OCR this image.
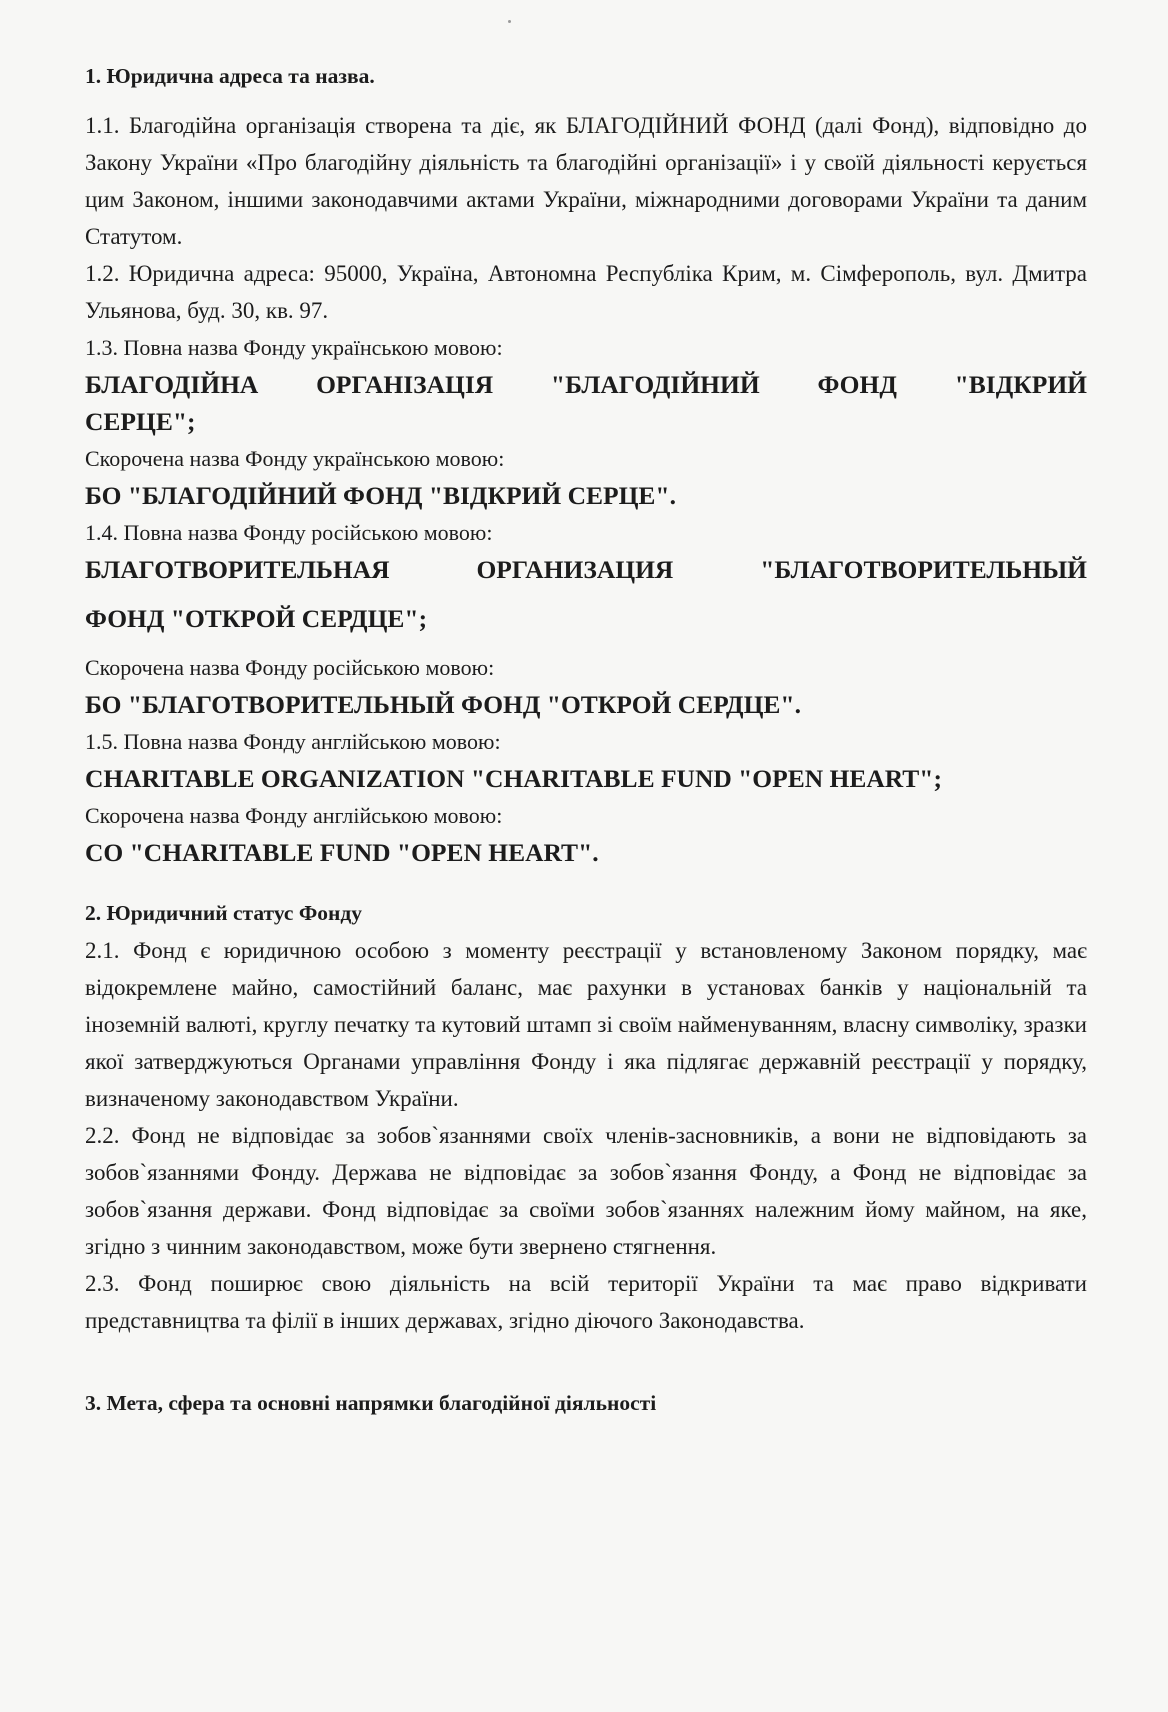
1. Юридична адреса та назва.

1.1. Благодійна організація створена та діє, як БЛАГОДІЙНИЙ ФОНД (далі Фонд), відповідно до Закону України «Про благодійну діяльність та благодійні організації» і у своїй діяльності керується цим Законом, іншими законодавчими актами України, міжнародними договорами України та даним Статутом.

1.2. Юридична адреса: 95000, Україна, Автономна Республіка Крим, м. Сімферополь, вул. Дмитра Ульянова, буд. 30, кв. 97.

1.3. Повна назва Фонду українською мовою:

БЛАГОДІЙНА ОРГАНІЗАЦІЯ "БЛАГОДІЙНИЙ ФОНД "ВІДКРИЙ

СЕРЦЕ";

Скорочена назва Фонду українською мовою:

БО "БЛАГОДІЙНИЙ ФОНД "ВІДКРИЙ СЕРЦЕ".

1.4. Повна назва Фонду російською мовою:

БЛАГОТВОРИТЕЛЬНАЯ ОРГАНИЗАЦИЯ "БЛАГОТВОРИТЕЛЬНЫЙ

ФОНД "ОТКРОЙ СЕРДЦЕ";

Скорочена назва Фонду російською мовою:

БО "БЛАГОТВОРИТЕЛЬНЫЙ ФОНД "ОТКРОЙ СЕРДЦЕ".

1.5. Повна назва Фонду англійською мовою:

CHARITABLE ORGANIZATION "CHARITABLE FUND "OPEN HEART";

Скорочена назва Фонду англійською мовою:

CO "CHARITABLE FUND "OPEN HEART".

2. Юридичний статус Фонду

2.1. Фонд є юридичною особою з моменту реєстрації у встановленому Законом порядку, має відокремлене майно, самостійний баланс, має рахунки в установах банків у національній та іноземній валюті, круглу печатку та кутовий штамп зі своїм найменуванням, власну символіку, зразки якої затверджуються Органами управління Фонду і яка підлягає державній реєстрації у порядку, визначеному законодавством України.

2.2. Фонд не відповідає за зобов`язаннями своїх членів-засновників, а вони не відповідають за зобов`язаннями Фонду. Держава не відповідає за зобов`язання Фонду, а Фонд не відповідає за зобов`язання держави. Фонд відповідає за своїми зобов`язаннях належним йому майном, на яке, згідно з чинним законодавством, може бути звернено стягнення.

2.3. Фонд поширює свою діяльність на всій території України та має право відкривати представництва та філії в інших державах, згідно діючого Законодавства.

3. Мета, сфера та основні напрямки благодійної діяльності
